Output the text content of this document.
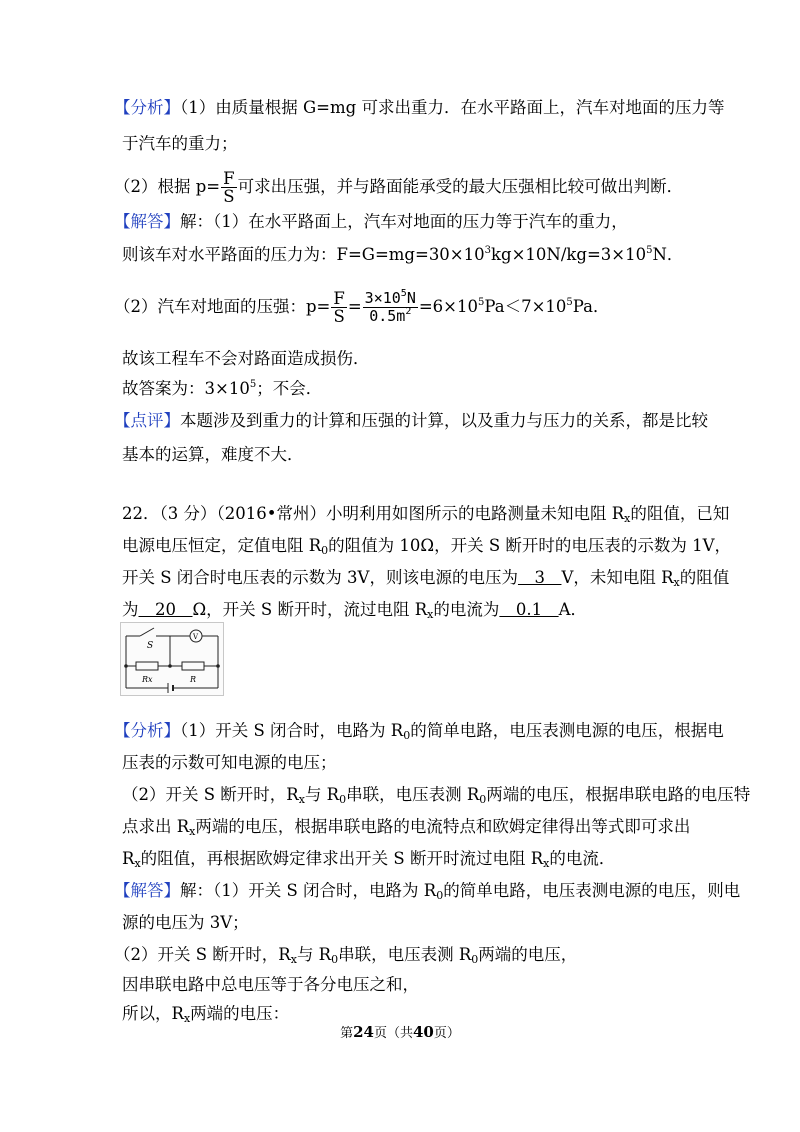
【分析】（1）由质量根据 G=mg 可求出重力．在水平路面上，汽车对地面的压力等
于汽车的重力；
（2）根据 $p= \frac{F}{S}$ 可求出压强，并与路面能承受的最大压强相比较可做出判断．
【解答】解：（1）在水平路面上，汽车对地面的压力等于汽车的重力，
则该车对水平路面的压力为：$F=G=mg=30\times 10^3kg\times 10N/kg=3\times 10^5N$．
（2）汽车对地面的压强：$p= \frac{F}{S} = \frac{3\times 10^5N}{0.5m^2} =6\times 10^5Pa<7\times 10^5Pa$．
故该工程车不会对路面造成损伤．
故答案为：$3\times 10^5$；不会．
【点评】本题涉及到重力的计算和压强的计算，以及重力与压力的关系，都是比较
基本的运算，难度不大．
22．（3 分）（2016•常州）小明利用如图所示的电路测量未知电阻 $R_x$的阻值，已知
电源电压恒定，定值电阻 $R_0$的阻值为 10Ω，开关 S 断开时的电压表的示数为 1V，
开关 S 闭合时电压表的示数为 3V，则该电源的电压为　3　V，未知电阻 $R_x$的阻值
为　20　Ω，开关 S 断开时，流过电阻 $R_x$的电流为　0.1　A．
S
V
Rx	R
【分析】（1）开关 S 闭合时，电路为 $R_0$的简单电路，电压表测电源的电压，根据电
压表的示数可知电源的电压；
（2）开关 S 断开时，$R_x$与 $R_0$串联，电压表测 $R_0$两端的电压，根据串联电路的电压特
点求出 $R_x$两端的电压，根据串联电路的电流特点和欧姆定律得出等式即可求出
$R_x$的阻值，再根据欧姆定律求出开关 S 断开时流过电阻 $R_x$的电流．
【解答】解：（1）开关 S 闭合时，电路为 $R_0$的简单电路，电压表测电源的电压，则电
源的电压为 3V；
（2）开关 S 断开时，$R_x$与 $R_0$串联，电压表测 $R_0$两端的电压，
因串联电路中总电压等于各分电压之和，
所以，$R_x$两端的电压：
第24页（共40页）
